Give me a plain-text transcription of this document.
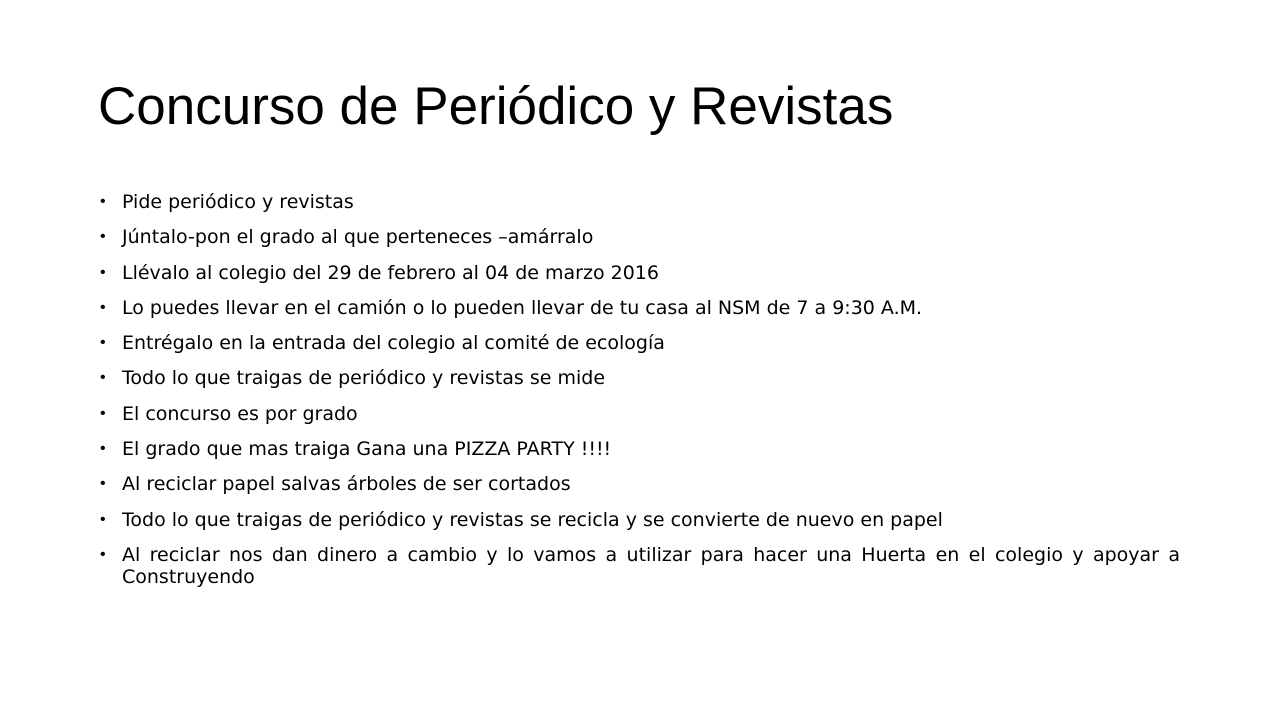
Concurso de Periódico y Revistas
• Pide periódico y revistas
• Júntalo-pon el grado al que perteneces –amárralo
• Llévalo al colegio del 29 de febrero al 04 de marzo 2016
• Lo puedes llevar en el camión o lo pueden llevar de tu casa al NSM de 7 a 9:30 A.M.
• Entrégalo en la entrada del colegio al comité de ecología
• Todo lo que traigas de periódico y revistas se mide
• El concurso es por grado
• El grado que mas traiga Gana una PIZZA PARTY !!!!
• Al reciclar papel salvas árboles de ser cortados
• Todo lo que traigas de periódico y revistas se recicla y se convierte de nuevo en papel
• Al reciclar nos dan dinero a cambio y lo vamos a utilizar para hacer una Huerta en el colegio y apoyar a Construyendo
